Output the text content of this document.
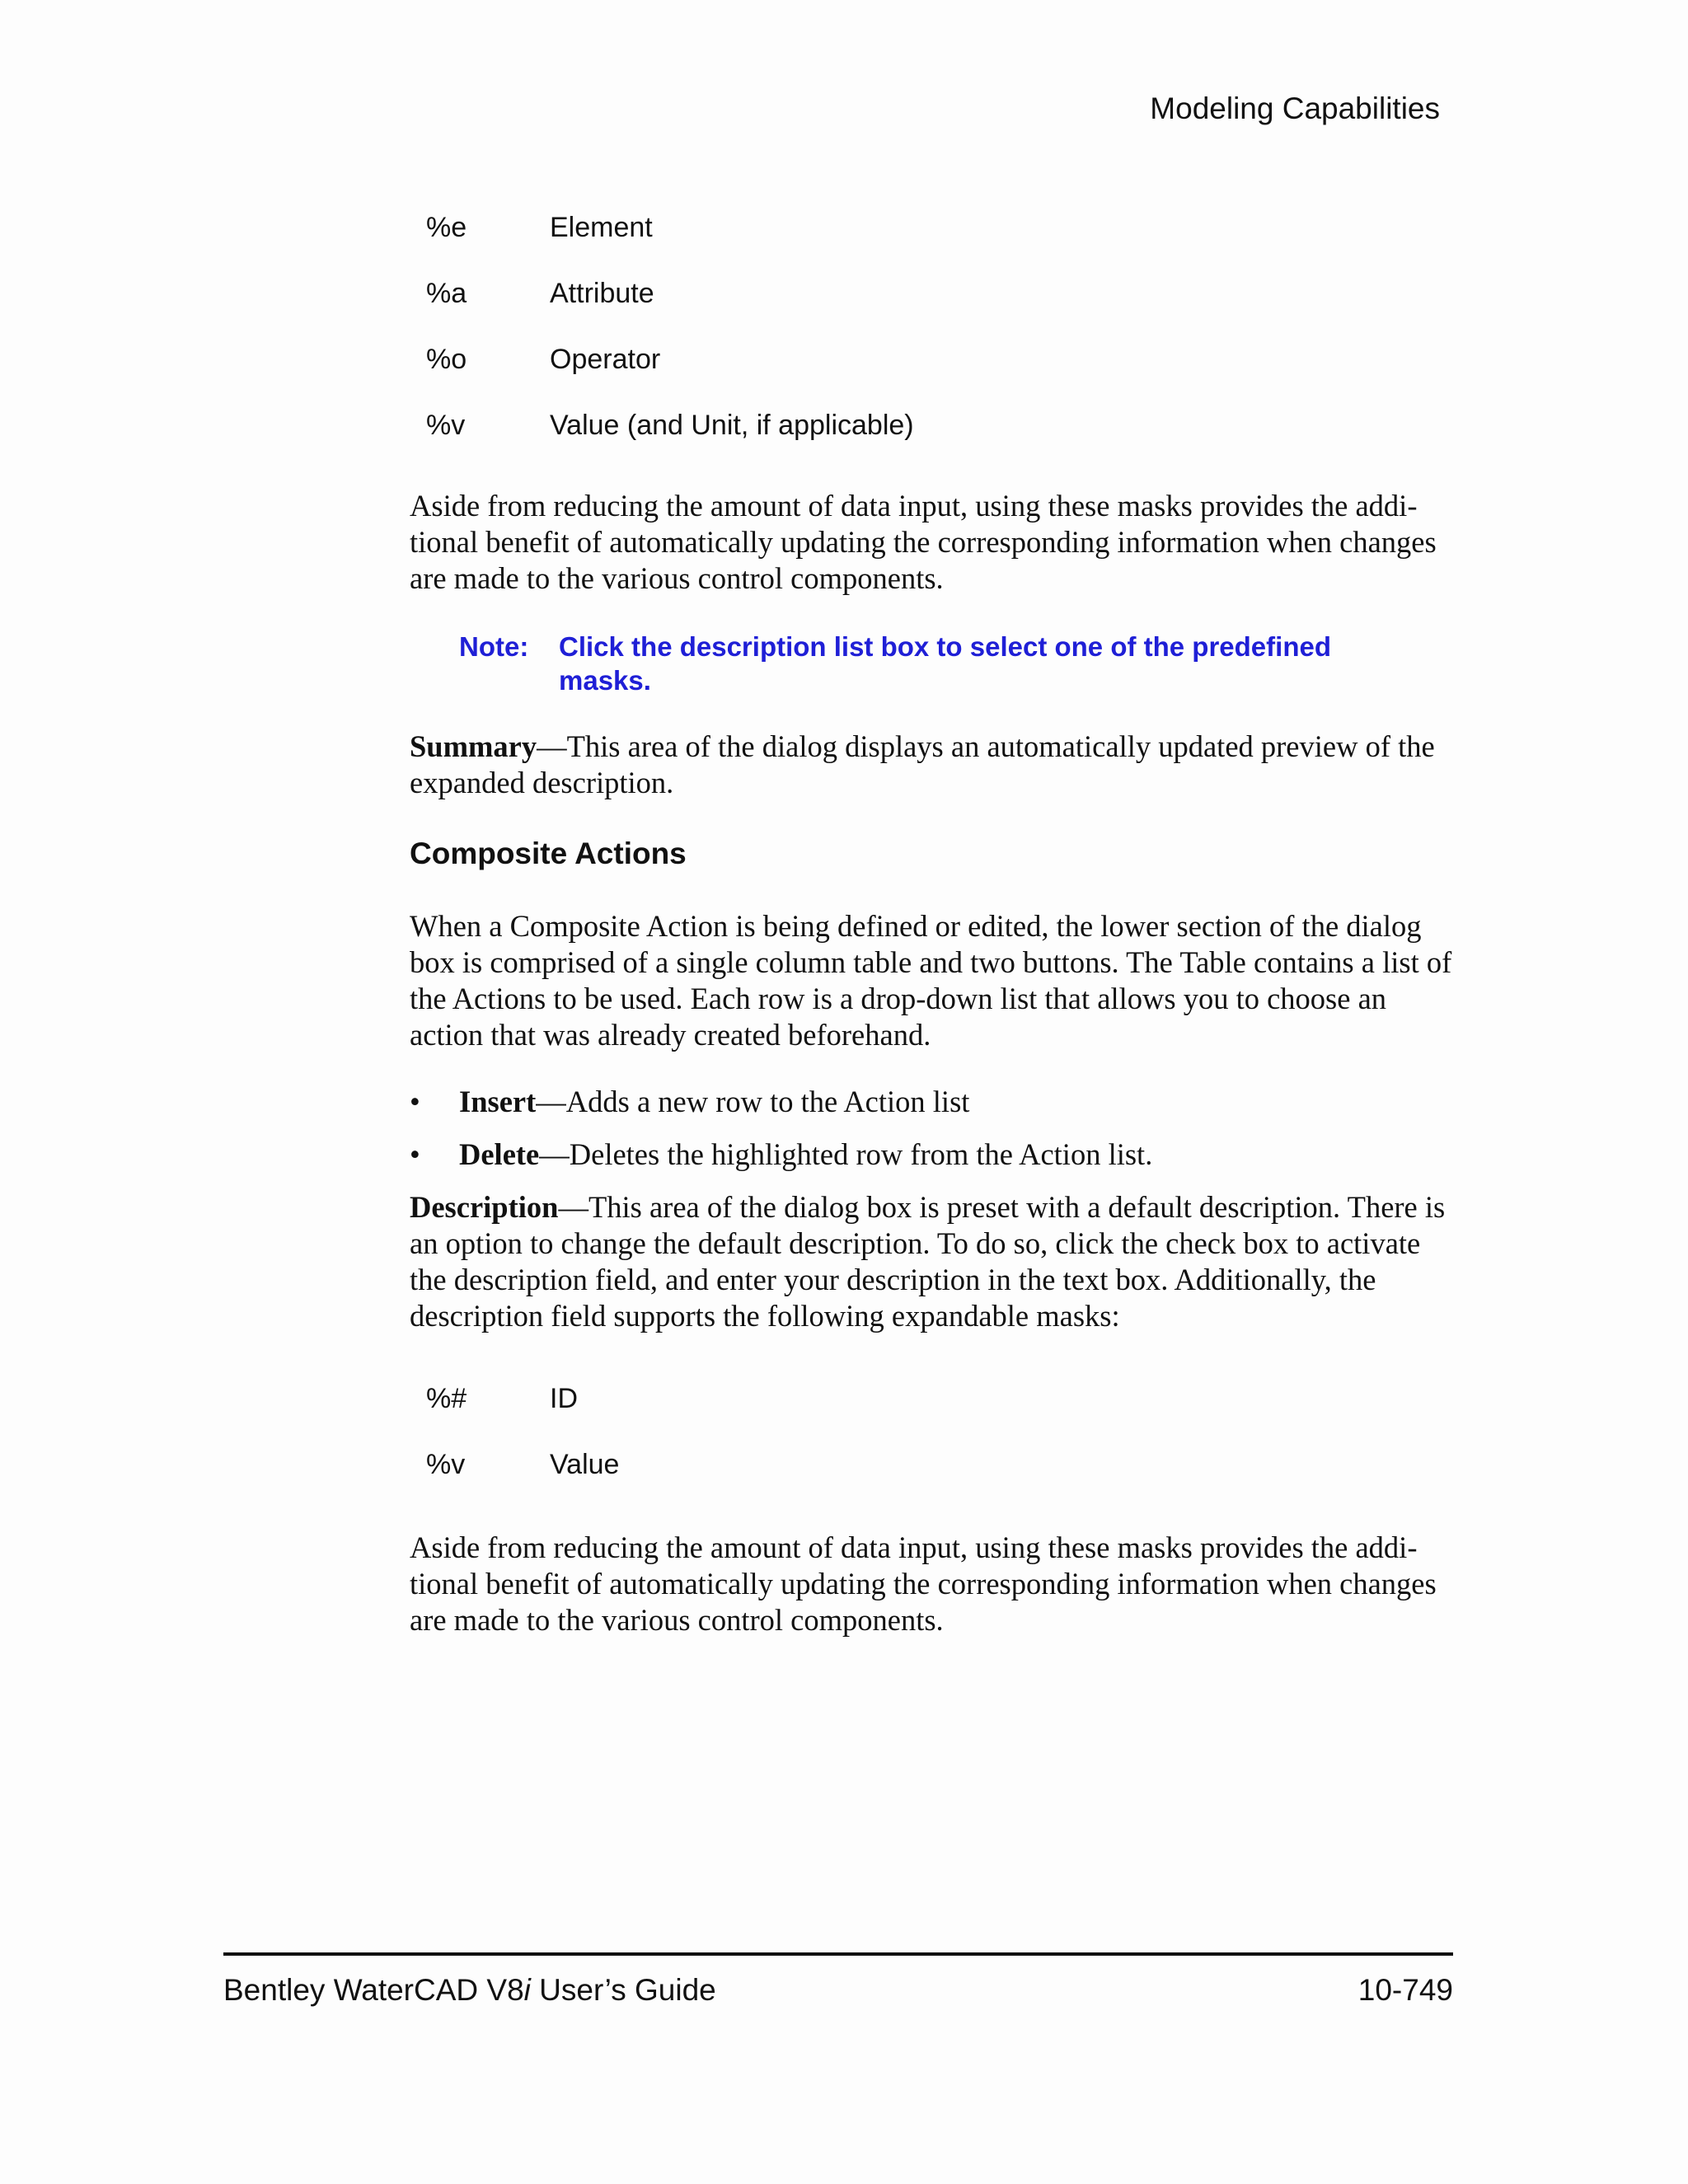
Modeling Capabilities
%e	Element
%a	Attribute
%o	Operator
%v	Value (and Unit, if applicable)

Aside from reducing the amount of data input, using these masks provides the addi-tional benefit of automatically updating the corresponding information when changes are made to the various control components.

Note:	Click the description list box to select one of the predefined masks.

Summary—This area of the dialog displays an automatically updated preview of the expanded description.

Composite Actions

When a Composite Action is being defined or edited, the lower section of the dialog box is comprised of a single column table and two buttons. The Table contains a list of the Actions to be used. Each row is a drop-down list that allows you to choose an action that was already created beforehand.

•	Insert—Adds a new row to the Action list
•	Delete—Deletes the highlighted row from the Action list.

Description—This area of the dialog box is preset with a default description. There is an option to change the default description. To do so, click the check box to activate the description field, and enter your description in the text box. Additionally, the description field supports the following expandable masks:

%#	ID
%v	Value

Aside from reducing the amount of data input, using these masks provides the addi-tional benefit of automatically updating the corresponding information when changes are made to the various control components.

Bentley WaterCAD V8i User’s Guide	10-749
